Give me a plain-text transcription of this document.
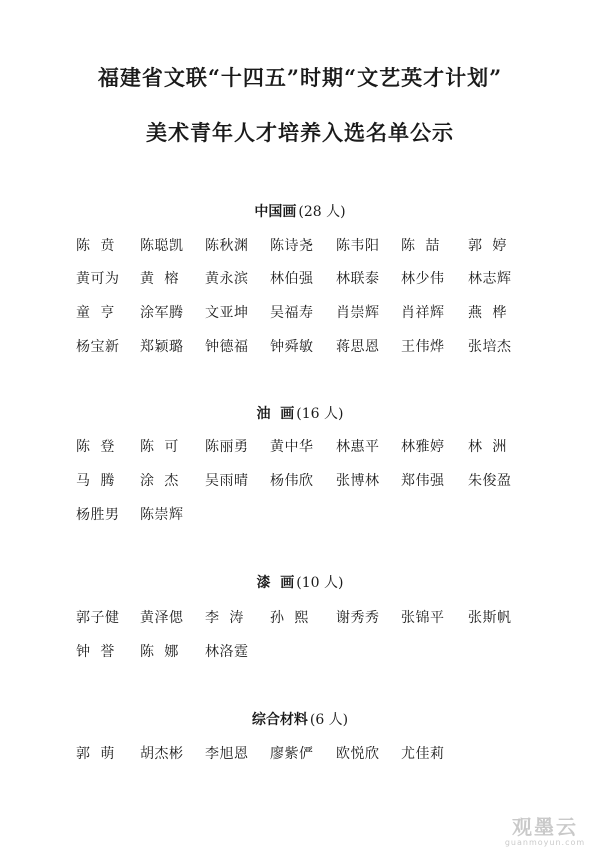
福建省文联“十四五”时期“文艺英才计划”
美术青年人才培养入选名单公示
中国画 (28 人)
陈  贲	陈聪凯	陈秋渊	陈诗尧	陈韦阳	陈  喆	郭  婷
黄可为	黄  榕	黄永滨	林伯强	林联泰	林少伟	林志辉
童  亨	涂军腾	文亚坤	吴福寿	肖崇辉	肖祥辉	燕  桦
杨宝新	郑颖璐	钟德福	钟舜敏	蒋思恩	王伟烨	张培杰
油  画 (16 人)
陈  登	陈  可	陈丽勇	黄中华	林惠平	林雅婷	林  洲
马  腾	涂  杰	吴雨晴	杨伟欣	张博林	郑伟强	朱俊盈
杨胜男	陈崇辉
漆  画 (10 人)
郭子健	黄泽偲	李  涛	孙  熙	谢秀秀	张锦平	张斯帆
钟  誉	陈  娜	林洛霆
综合材料 (6 人)
郭  萌	胡杰彬	李旭恩	廖紫俨	欧悦欣	尤佳莉
观墨云
guanmoyun.com
